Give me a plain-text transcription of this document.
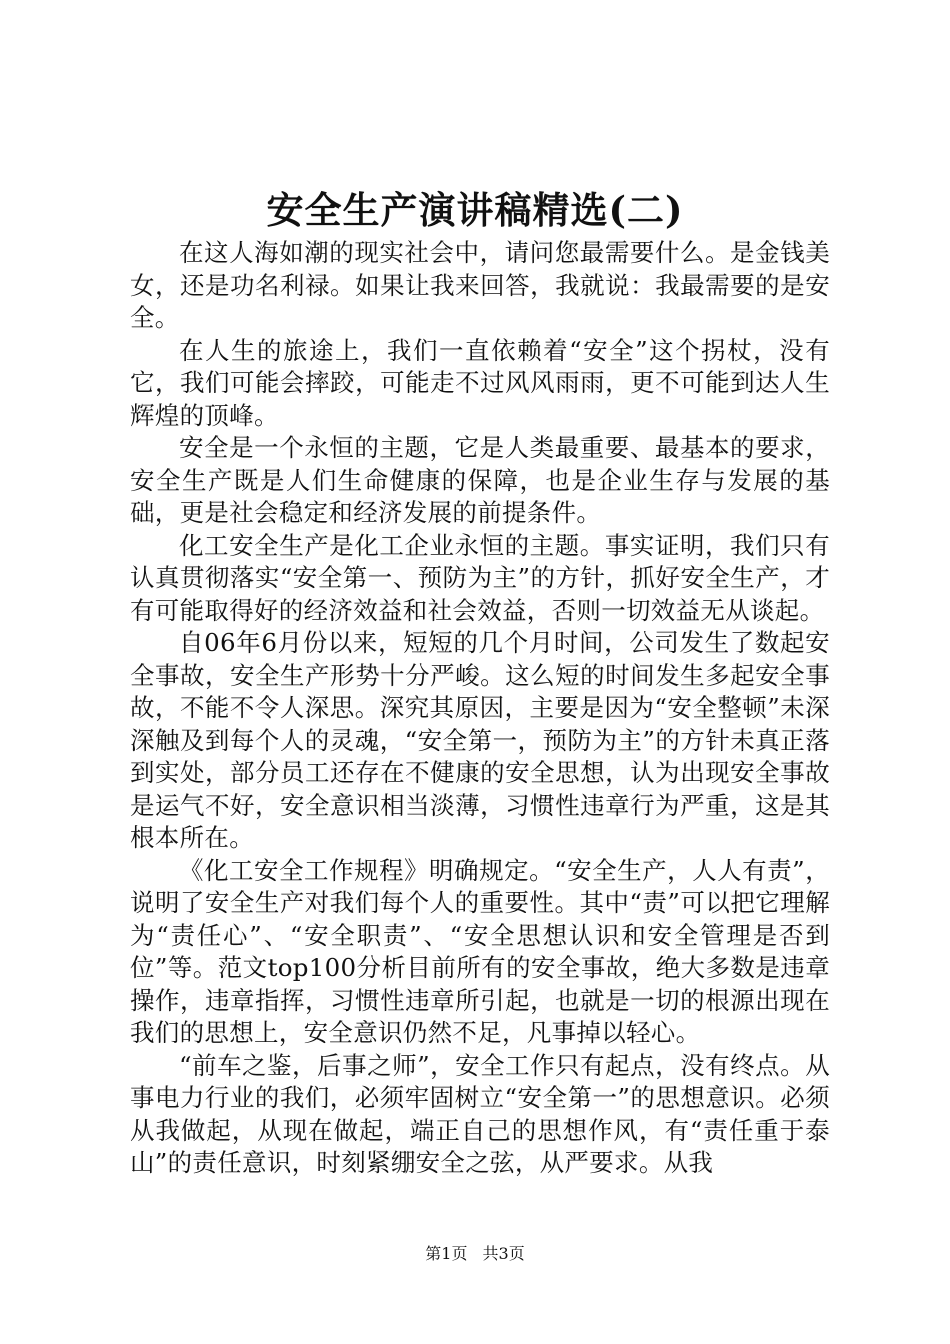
安全生产演讲稿精选(二)

在这人海如潮的现实社会中，请问您最需要什么。是金钱美女，还是功名利禄。如果让我来回答，我就说：我最需要的是安全。

在人生的旅途上，我们一直依赖着“安全”这个拐杖，没有它，我们可能会摔跤，可能走不过风风雨雨，更不可能到达人生辉煌的顶峰。

安全是一个永恒的主题，它是人类最重要、最基本的要求，安全生产既是人们生命健康的保障，也是企业生存与发展的基础，更是社会稳定和经济发展的前提条件。

化工安全生产是化工企业永恒的主题。事实证明，我们只有认真贯彻落实“安全第一、预防为主”的方针，抓好安全生产，才有可能取得好的经济效益和社会效益，否则一切效益无从谈起。

自06年6月份以来，短短的几个月时间，公司发生了数起安全事故，安全生产形势十分严峻。这么短的时间发生多起安全事故，不能不令人深思。深究其原因，主要是因为“安全整顿”未深深触及到每个人的灵魂，“安全第一，预防为主”的方针未真正落到实处，部分员工还存在不健康的安全思想，认为出现安全事故是运气不好，安全意识相当淡薄，习惯性违章行为严重，这是其根本所在。

《化工安全工作规程》明确规定。“安全生产，人人有责”，说明了安全生产对我们每个人的重要性。其中“责”可以把它理解为“责任心”、“安全职责”、“安全思想认识和安全管理是否到位”等。范文top100分析目前所有的安全事故，绝大多数是违章操作，违章指挥，习惯性违章所引起，也就是一切的根源出现在我们的思想上，安全意识仍然不足，凡事掉以轻心。

“前车之鉴，后事之师”，安全工作只有起点，没有终点。从事电力行业的我们，必须牢固树立“安全第一”的思想意识。必须从我做起，从现在做起，端正自己的思想作风，有“责任重于泰山”的责任意识，时刻紧绷安全之弦，从严要求。从我

第1页 共3页
